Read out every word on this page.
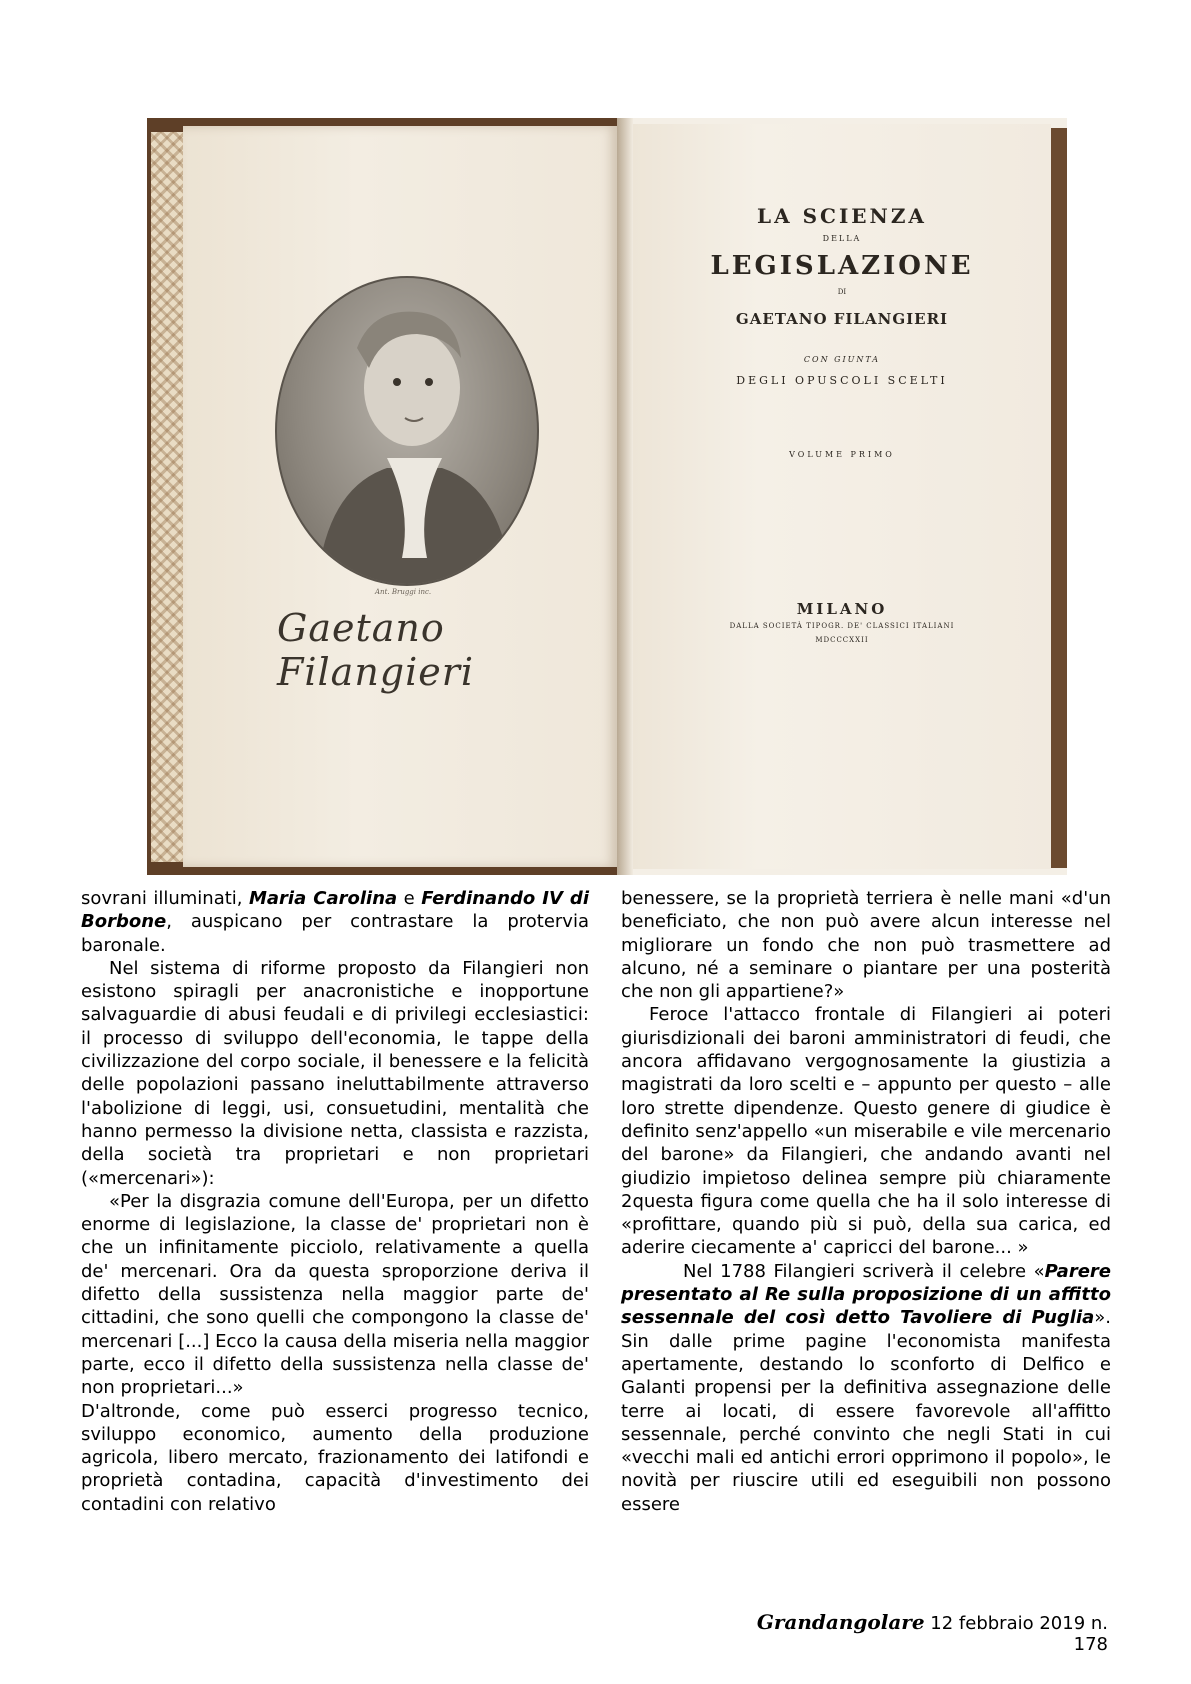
Ant. Bruggi inc.
Gaetano Filangieri
LA SCIENZA
DELLA
LEGISLAZIONE
DI
GAETANO FILANGIERI
CON GIUNTA
DEGLI OPUSCOLI SCELTI
VOLUME PRIMO
MILANO
DALLA SOCIETÀ TIPOGR. DE' CLASSICI ITALIANI
MDCCCXXII

sovrani illuminati, Maria Carolina e Ferdinando IV di Borbone, auspicano per contrastare la protervia baronale.

Nel sistema di riforme proposto da Filangieri non esistono spiragli per anacronistiche e inopportune salvaguardie di abusi feudali e di privilegi ecclesiastici: il processo di sviluppo dell'economia, le tappe della civilizzazione del corpo sociale, il benessere e la felicità delle popolazioni passano ineluttabilmente attraverso l'abolizione di leggi, usi, consuetudini, mentalità che hanno permesso la divisione netta, classista e razzista, della società tra proprietari e non proprietari («mercenari»):

«Per la disgrazia comune dell'Europa, per un difetto enorme di legislazione, la classe de' proprietari non è che un infinitamente picciolo, relativamente a quella de' mercenari. Ora da questa sproporzione deriva il difetto della sussistenza nella maggior parte de' cittadini, che sono quelli che compongono la classe de' mercenari [...] Ecco la causa della miseria nella maggior parte, ecco il difetto della sussistenza nella classe de' non proprietari...»

D'altronde, come può esserci progresso tecnico, sviluppo economico, aumento della produzione agricola, libero mercato, frazionamento dei latifondi e proprietà contadina, capacità d'investimento dei contadini con relativo

benessere, se la proprietà terriera è nelle mani «d'un beneficiato, che non può avere alcun interesse nel migliorare un fondo che non può trasmettere ad alcuno, né a seminare o piantare per una posterità che non gli appartiene?»

Feroce l'attacco frontale di Filangieri ai poteri giurisdizionali dei baroni amministratori di feudi, che ancora affidavano vergognosamente la giustizia a magistrati da loro scelti e – appunto per questo – alle loro strette dipendenze. Questo genere di giudice è definito senz'appello «un miserabile e vile mercenario del barone» da Filangieri, che andando avanti nel giudizio impietoso delinea sempre più chiaramente 2questa figura come quella che ha il solo interesse di «profittare, quando più si può, della sua carica, ed aderire ciecamente a' capricci del barone... »

Nel 1788 Filangieri scriverà il celebre «Parere presentato al Re sulla proposizione di un affitto sessennale del così detto Tavoliere di Puglia». Sin dalle prime pagine l'economista manifesta apertamente, destando lo sconforto di Delfico e Galanti propensi per la definitiva assegnazione delle terre ai locati, di essere favorevole all'affitto sessennale, perché convinto che negli Stati in cui «vecchi mali ed antichi errori opprimono il popolo», le novità per riuscire utili ed eseguibili non possono essere

Grandangolare 12 febbraio 2019 n. 178
